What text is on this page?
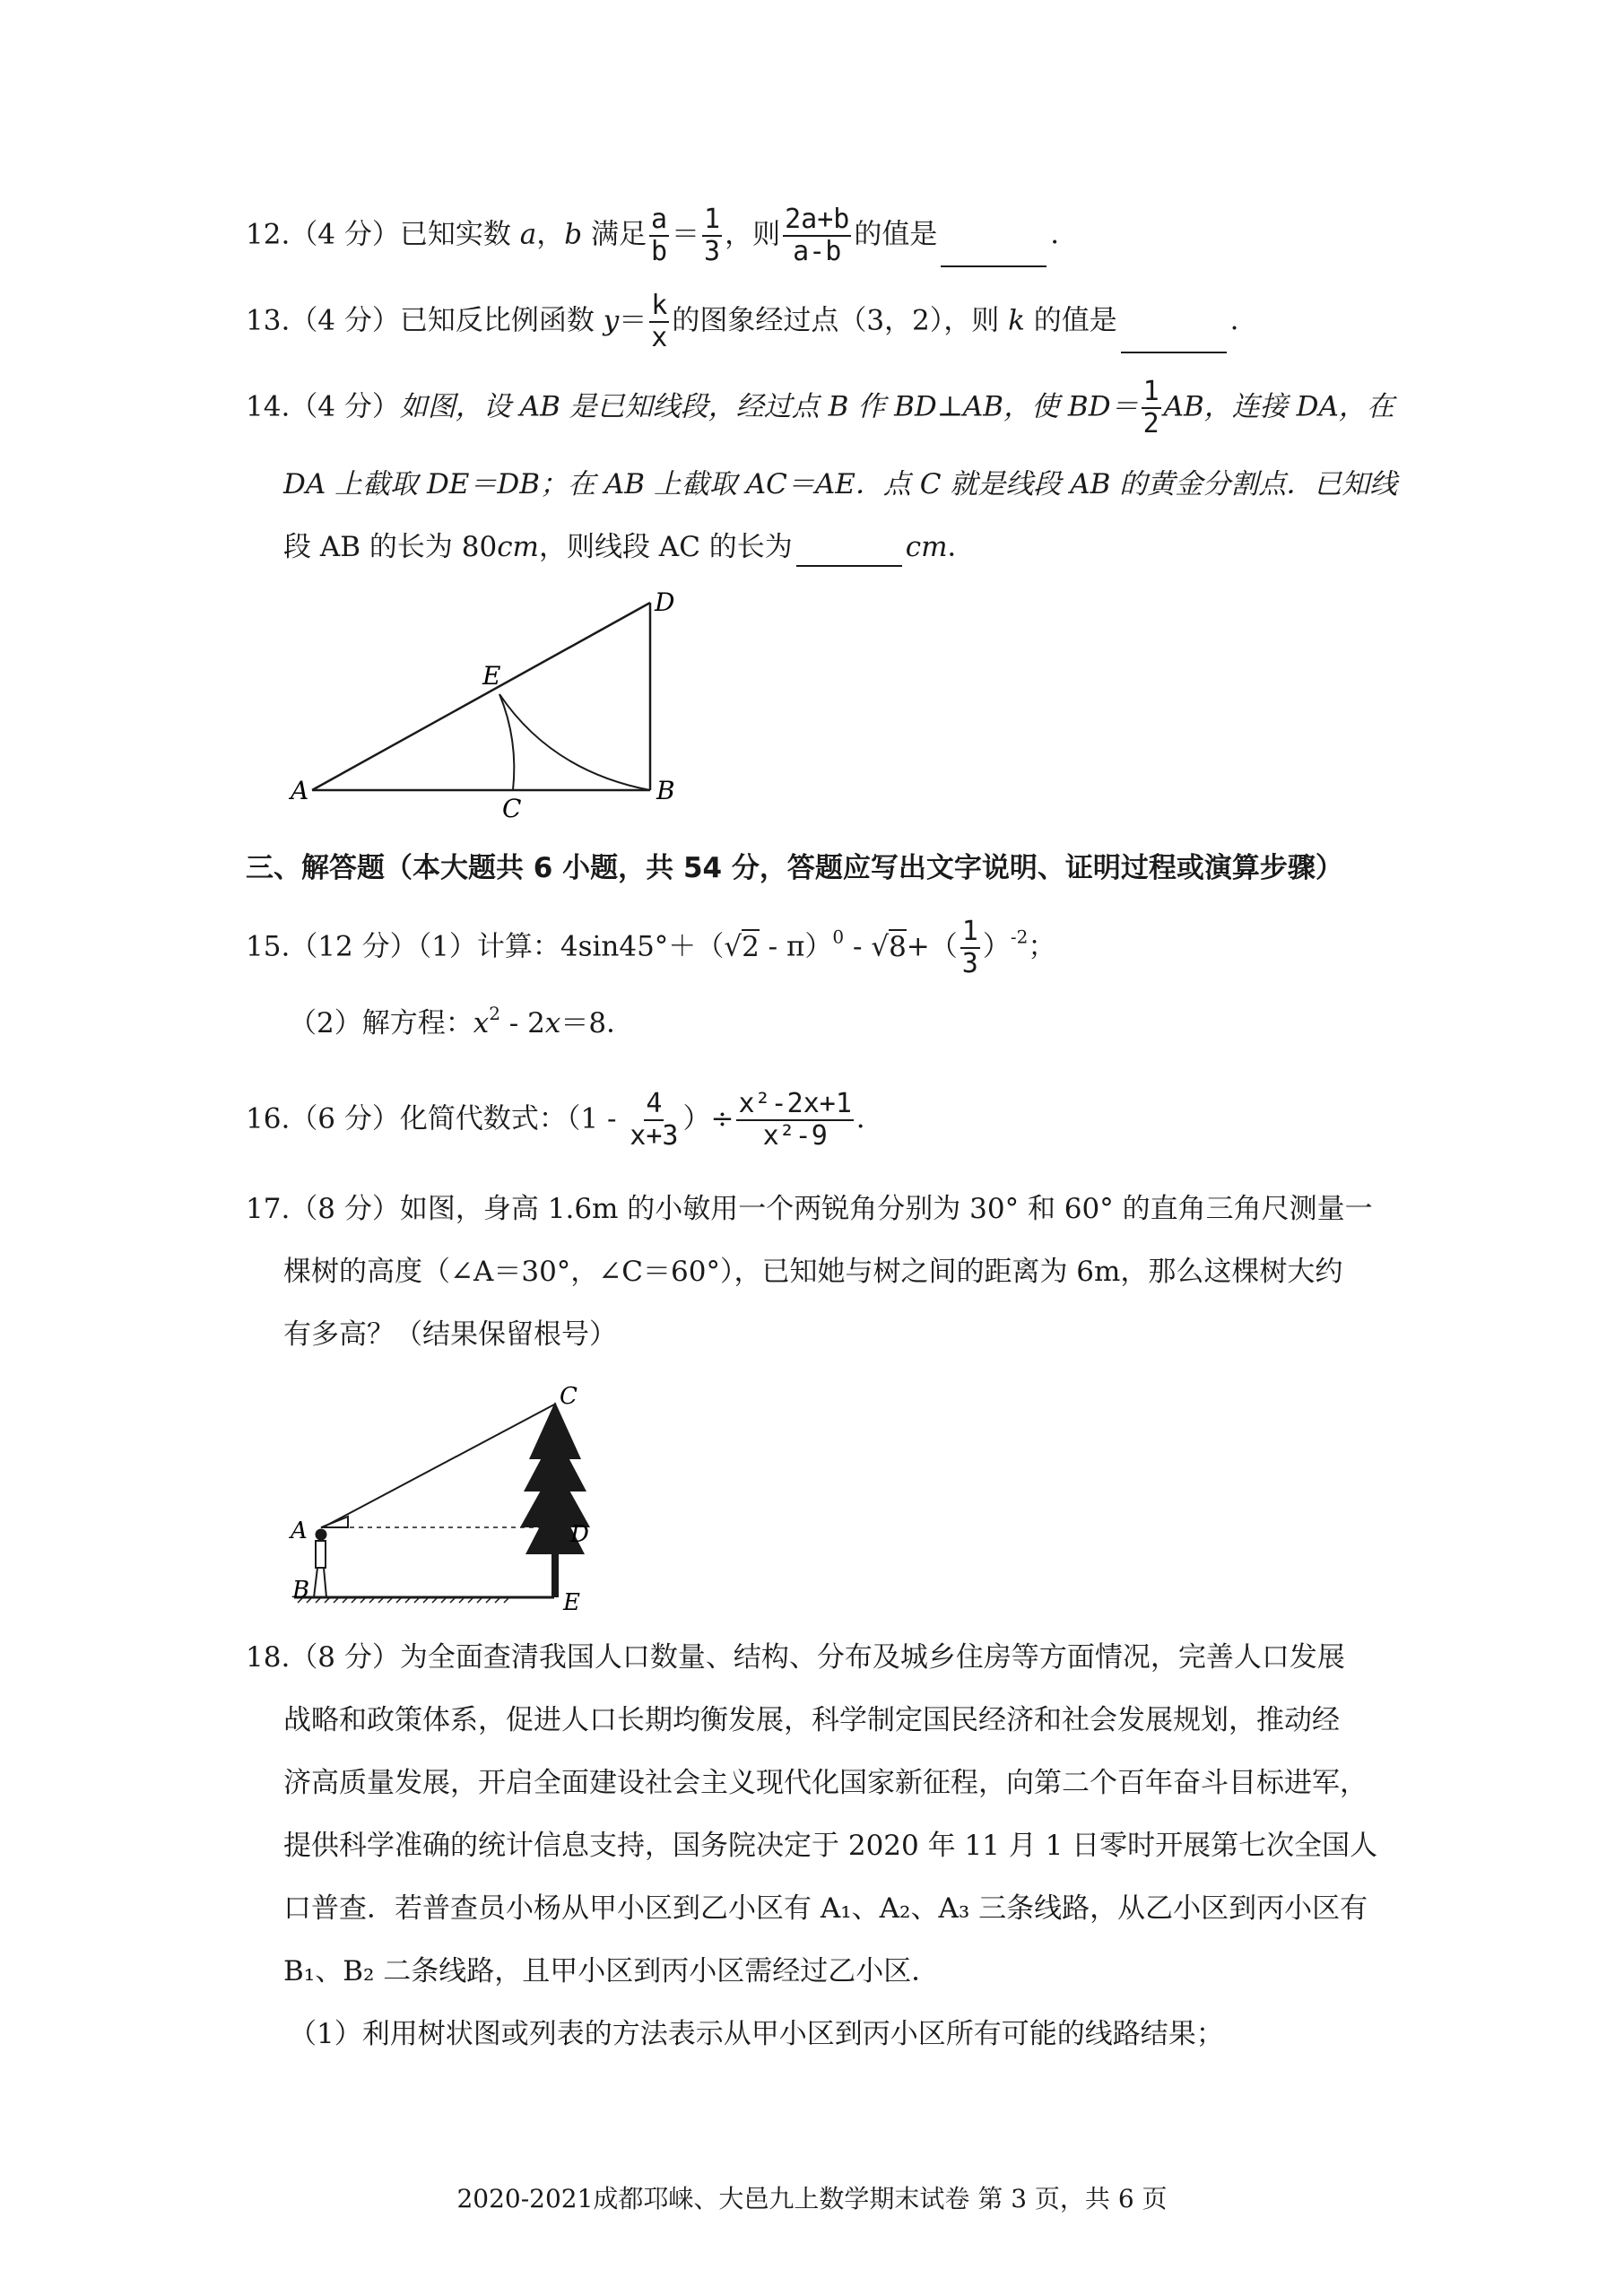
12.（4 分）已知实数 a，b 满足 $\frac{a}{b} = \frac{1}{3}$ ，则 $\frac{2a+b}{a-b}$ 的值是	．
13.（4 分）已知反比例函数 $y= \frac{k}{x}$ 的图象经过点（3，2），则 k 的值是	．
14.（4 分）如图，设 AB 是已知线段，经过点 B 作 BD⊥AB，使 $BD= \frac{1}{2}$ AB，连接 DA，在
DA 上截取 DE＝DB；在 AB 上截取 AC＝AE．点 C 就是线段 AB 的黄金分割点．已知线
段 AB 的长为 80cm，则线段 AC 的长为	cm．
A	B
C
D
E
三、解答题（本大题共 6 小题，共 54 分，答题应写出文字说明、证明过程或演算步骤）
15.（12 分）（1）计算：$4\sin 45^\circ+(√2 - \pi)^0 - √8+( \frac{1}{3} )^{-2}$；
（2）解方程：$x^2 - 2x=8$．
16.（6 分）化简代数式：（$1 - \frac{4}{x+3}$ ）÷ $\frac{\text{x²-2x+1}}{\text{x²-9}}$ ．
17.（8 分）如图，身高 1.6m 的小敏用一个两锐角分别为 30° 和 60° 的直角三角尺测量一
棵树的高度（∠A＝30°，∠C＝60°），已知她与树之间的距离为 6m，那么这棵树大约
有多高？（结果保留根号）
A
B
C
D
E
18.（8 分）为全面查清我国人口数量、结构、分布及城乡住房等方面情况，完善人口发展
战略和政策体系，促进人口长期均衡发展，科学制定国民经济和社会发展规划，推动经
济高质量发展，开启全面建设社会主义现代化国家新征程，向第二个百年奋斗目标进军，
提供科学准确的统计信息支持，国务院决定于 2020 年 11 月 1 日零时开展第七次全国人
口普查．若普查员小杨从甲小区到乙小区有 A₁、A₂、A₃ 三条线路，从乙小区到丙小区有
B₁、B₂ 二条线路，且甲小区到丙小区需经过乙小区．
（1）利用树状图或列表的方法表示从甲小区到丙小区所有可能的线路结果；
2020-2021成都邛崃、大邑九上数学期末试卷 第 3 页，共 6 页
